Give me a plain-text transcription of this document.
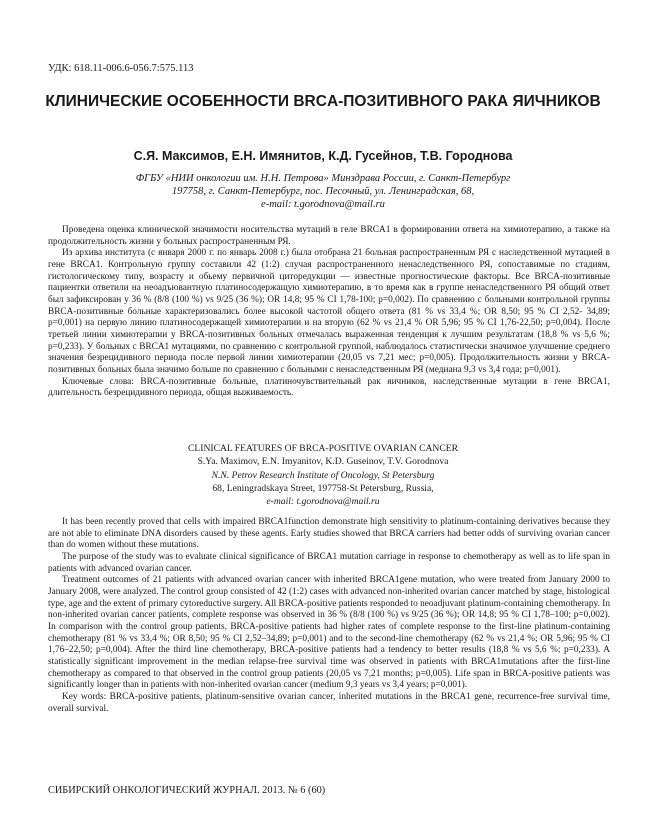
УДК: 618.11-006.6-056.7:575.113
КЛИНИЧЕСКИЕ ОСОБЕННОСТИ BRCA-ПОЗИТИВНОГО РАКА ЯИЧНИКОВ
С.Я. Максимов, Е.Н. Имянитов, К.Д. Гусейнов, Т.В. Городнова
ФГБУ «НИИ онкологии им. Н.Н. Петрова» Минздрава России, г. Санкт-Петербург
197758, г. Санкт-Петербург, пос. Песочный, ул. Ленинградская, 68,
e-mail: t.gorodnova@mail.ru

Проведена оценка клинической значимости носительства мутаций в геле BRCA1 в формировании ответа на химиотерапию, а также на продолжительность жизни у больных распространенным РЯ.

Из архива института (с января 2000 г. по январь 2008 г.) была отобрана 21 больная распространенным РЯ с наследственной мутацией в гене BRCA1. Контрольную группу составили 42 (1:2) случая распространенного ненаследственного РЯ, сопоставимые по стадиям, гистологическому типу, возрасту и обьему первичной циторедукции — известные прогностические факторы. Все BRCA-позитивные пациентки ответили на неоадъювантную платиносодержащую химиотерапию, в то время как в группе ненаследственного РЯ общий ответ был зафиксирован у 36 % (8/8 (100 %) vs 9/25 (36 %); OR 14,8; 95 % CI 1,78-100; p=0,002). По сравнению с больными контрольной группы BRCA-позитивные больные характеризовались более высокой частотой общего ответа (81 % vs 33,4 %; OR 8,50; 95 % CI 2,52- 34,89; p=0,001) на первую линию платиносодержащей химиотерапии и на вторую (62 % vs 21,4 % OR 5,96; 95 % CI 1,76-22,50; p=0,004). После третьей линии химиотерапии у BRCA-позитивных больных отмечалась выраженная тенденция к лучшим результатам (18,8 % vs 5,6 %; p=0,233). У больных с BRCA1 мутациями, по сравнению с контрольной группой, наблюдалось статистически значимое улучшение среднего значения безрецидивного периода после первой линии химиотерапии (20,05 vs 7,21 мес; p=0,005). Продолжительность жизни у BRCA-позитивных больных была значимо больше по сравнению с больными с ненаследственным РЯ (медиана 9,3 vs 3,4 года; p=0,001).

Ключевые слова: BRCA-позитивные больные, платиночувствительный рак яичников, наследственные мутации в гене BRCA1, длительность безрецидивного периода, общая выживаемость.

CLINICAL FEATURES OF BRCA-POSITIVE OVARIAN CANCER
S.Ya. Maximov, E.N. Imyanitov, K.D. Guseinov, T.V. Gorodnova
N.N. Petrov Research Institute of Oncology, St Petersburg
68, Leningradskaya Street, 197758-St Petersburg, Russia,
e-mail: t.gorodnova@mail.ru

It has been recently proved that cells with impaired BRCA1function demonstrate high sensitivity to platinum-containing derivatives because they are not able to eliminate DNA disorders caused by these agents. Early studies showed that BRCA carriers had better odds of surviving ovarian cancer than do women without these mutations.

The purpose of the study was to evaluate clinical significance of BRCA1 mutation carriage in response to chemotherapy as well as to life span in patients with advanced ovarian cancer.

Treatment outcomes of 21 patients with advanced ovarian cancer with inherited BRCA1gene mutation, who were treated from January 2000 to January 2008, were analyzed. The control group consisted of 42 (1:2) cases with advanced non-inherited ovarian cancer matched by stage, histological type, age and the extent of primary cytoreductive surgery. All BRCA-positive patients responded to neoadjuvant platinum-containing chemotherapy. In non-inherited ovarian cancer patients, complete response was observed in 36 % (8/8 (100 %) vs 9/25 (36 %); OR 14,8; 95 % CI 1,78–100; p=0,002). In comparison with the control group patients, BRCA-positive patients had higher rates of complete response to the first-line platinum-containing chemotherapy (81 % vs 33,4 %; OR 8,50; 95 % CI 2,52–34,89; p=0,001) and to the second-line chemotherapy (62 % vs 21,4 %; OR 5,96; 95 % CI 1,76–22,50; p=0,004). After the third line chemotherapy, BRCA-positive patients had a tendency to better results (18,8 % vs 5,6 %; p=0,233). A statistically significant improvement in the median relapse-free survival time was observed in patients with BRCA1mutations after the first-line chemotherapy as compared to that observed in the control group patients (20,05 vs 7,21 months; p=0,005). Life span in BRCA-positive patients was significantly longer than in patients with non-inherited ovarian cancer (medium 9,3 years vs 3,4 years; p=0,001).

Key words: BRCA-positive patients, platinum-sensitive ovarian cancer, inherited mutations in the BRCA1 gene, recurrence-free survival time, overall survival.

СИБИРСКИЙ ОНКОЛОГИЧЕСКИЙ ЖУРНАЛ. 2013. № 6 (60)
